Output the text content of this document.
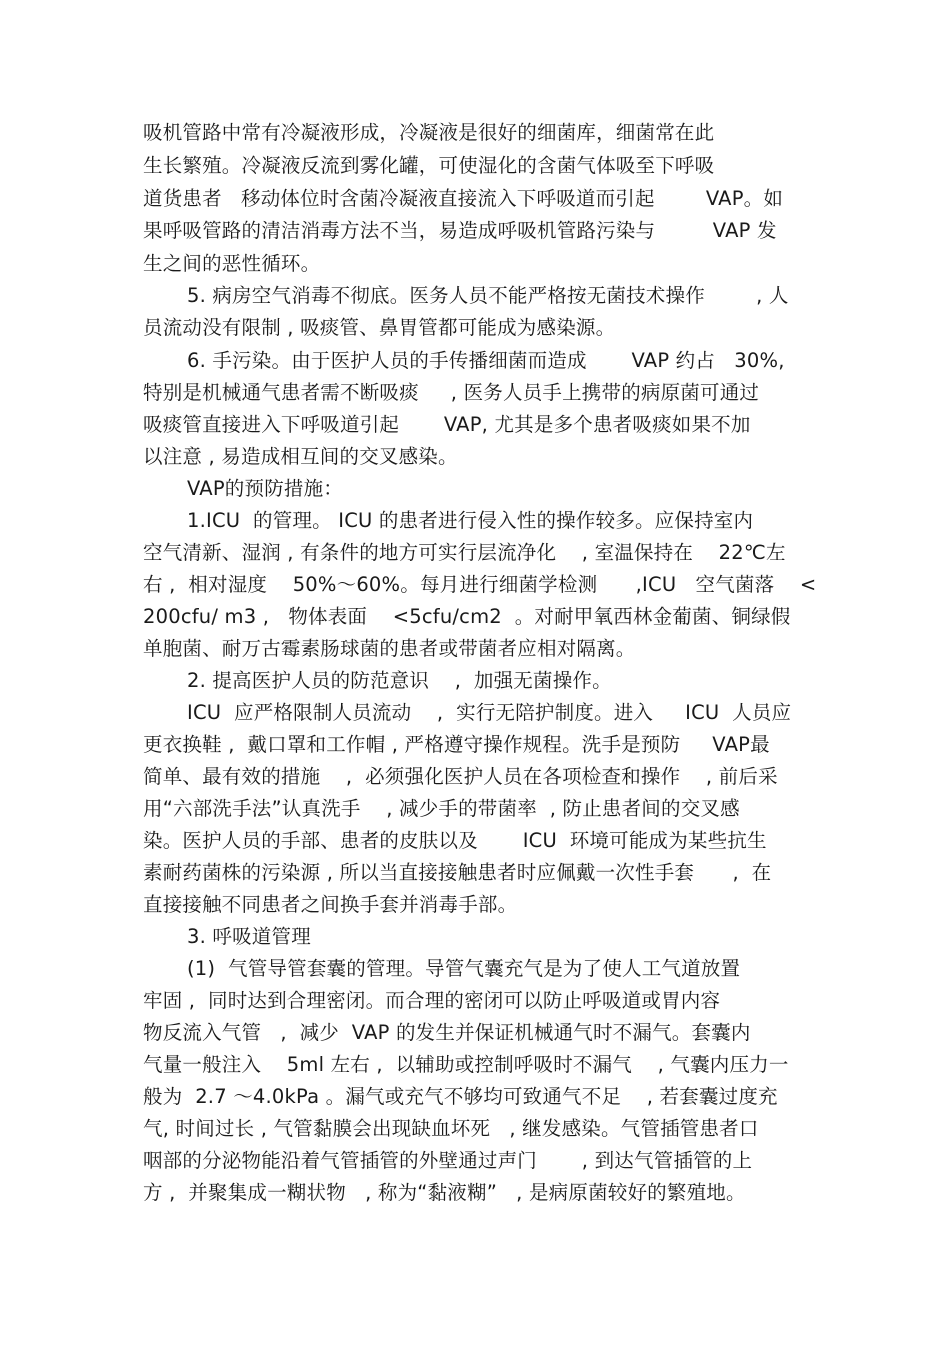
吸机管路中常有冷凝液形成，冷凝液是很好的细菌库，细菌常在此
生长繁殖。冷凝液反流到雾化罐，可使湿化的含菌气体吸至下呼吸
道货患者   移动体位时含菌冷凝液直接流入下呼吸道而引起        VAP。如
果呼吸管路的清洁消毒方法不当，易造成呼吸机管路污染与         VAP 发
生之间的恶性循环。
5. 病房空气消毒不彻底。医务人员不能严格按无菌技术操作        , 人
员流动没有限制 , 吸痰管、鼻胃管都可能成为感染源。
6. 手污染。由于医护人员的手传播细菌而造成       VAP 约占   30%,
特别是机械通气患者需不断吸痰     , 医务人员手上携带的病原菌可通过
吸痰管直接进入下呼吸道引起       VAP, 尤其是多个患者吸痰如果不加
以注意 , 易造成相互间的交叉感染。
VAP的预防措施：
1.ICU  的管理。 ICU 的患者进行侵入性的操作较多。应保持室内
空气清新、湿润 , 有条件的地方可实行层流净化    , 室温保持在    22℃左
右 ,  相对湿度    50%～60%。每月进行细菌学检测      ,ICU   空气菌落    <
200cfu/ m3 ,   物体表面    <5cfu/cm2  。对耐甲氧西林金葡菌、铜绿假
单胞菌、耐万古霉素肠球菌的患者或带菌者应相对隔离。
2. 提高医护人员的防范意识    ,  加强无菌操作。
ICU  应严格限制人员流动    ,  实行无陪护制度。进入     ICU  人员应
更衣换鞋 ,  戴口罩和工作帽 , 严格遵守操作规程。洗手是预防     VAP最
简单、最有效的措施    ,  必须强化医护人员在各项检查和操作    , 前后采
用“六部洗手法”认真洗手    , 减少手的带菌率  , 防止患者间的交叉感
染。医护人员的手部、患者的皮肤以及       ICU  环境可能成为某些抗生
素耐药菌株的污染源 , 所以当直接接触患者时应佩戴一次性手套      ,  在
直接接触不同患者之间换手套并消毒手部。
3. 呼吸道管理
(1)  气管导管套囊的管理。导管气囊充气是为了使人工气道放置
牢固 ,  同时达到合理密闭。而合理的密闭可以防止呼吸道或胃内容
物反流入气管   ,  减少  VAP 的发生并保证机械通气时不漏气。套囊内
气量一般注入    5ml 左右 ,  以辅助或控制呼吸时不漏气    , 气囊内压力一
般为  2.7 ～4.0kPa 。漏气或充气不够均可致通气不足    , 若套囊过度充
气, 时间过长 , 气管黏膜会出现缺血坏死   , 继发感染。气管插管患者口
咽部的分泌物能沿着气管插管的外壁通过声门       , 到达气管插管的上
方 ,  并聚集成一糊状物   , 称为“黏液糊”   , 是病原菌较好的繁殖地。
